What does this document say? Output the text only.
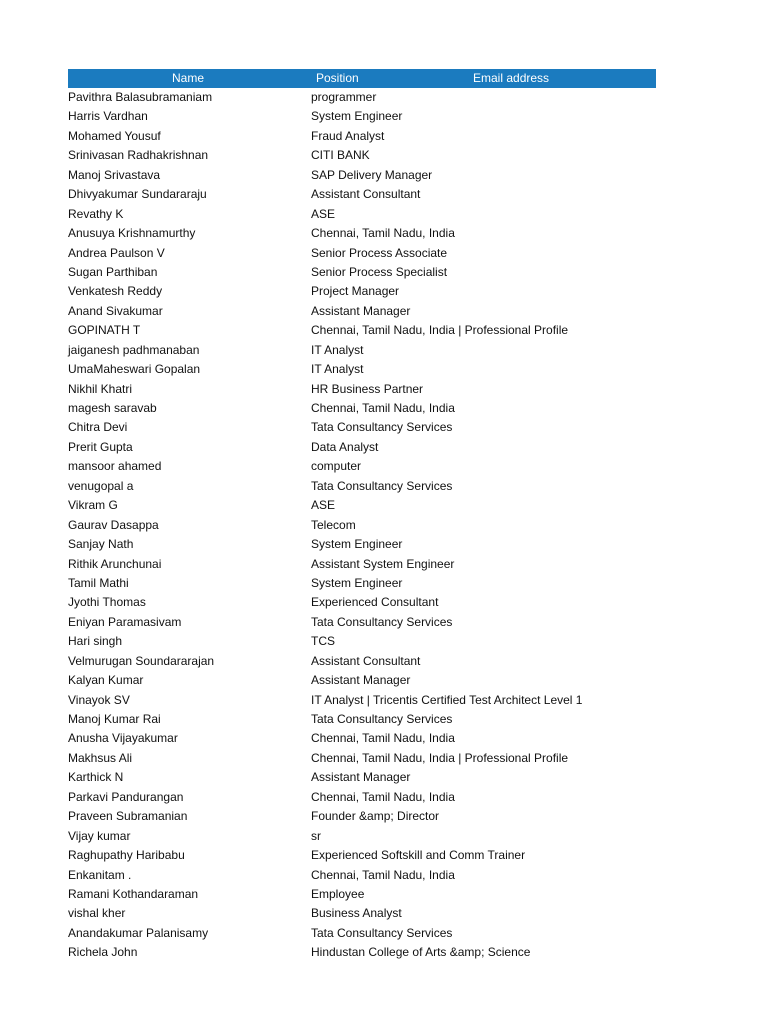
Name	Position	Email address
Pavithra Balasubramaniam	programmer
Harris Vardhan	System Engineer
Mohamed Yousuf	Fraud Analyst
Srinivasan Radhakrishnan	CITI BANK
Manoj Srivastava	SAP Delivery Manager
Dhivyakumar Sundararaju	Assistant Consultant
Revathy K	ASE
Anusuya Krishnamurthy	Chennai, Tamil Nadu, India
Andrea Paulson V	Senior Process Associate
Sugan Parthiban	Senior Process Specialist
Venkatesh Reddy	Project Manager
Anand Sivakumar	Assistant Manager
GOPINATH T	Chennai, Tamil Nadu, India | Professional Profile
jaiganesh padhmanaban	IT Analyst
UmaMaheswari Gopalan	IT Analyst
Nikhil Khatri	HR Business Partner
magesh saravab	Chennai, Tamil Nadu, India
Chitra Devi	Tata Consultancy Services
Prerit Gupta	Data Analyst
mansoor ahamed	computer
venugopal a	Tata Consultancy Services
Vikram G	ASE
Gaurav Dasappa	Telecom
Sanjay Nath	System Engineer
Rithik Arunchunai	Assistant System Engineer
Tamil Mathi	System Engineer
Jyothi Thomas	Experienced Consultant
Eniyan Paramasivam	Tata Consultancy Services
Hari singh	TCS
Velmurugan Soundararajan	Assistant Consultant
Kalyan Kumar	Assistant Manager
Vinayok SV	IT Analyst | Tricentis Certified Test Architect Level 1
Manoj Kumar Rai	Tata Consultancy Services
Anusha Vijayakumar	Chennai, Tamil Nadu, India
Makhsus Ali	Chennai, Tamil Nadu, India | Professional Profile
Karthick N	Assistant Manager
Parkavi Pandurangan	Chennai, Tamil Nadu, India
Praveen Subramanian	Founder &amp; Director
Vijay kumar	sr
Raghupathy Haribabu	Experienced Softskill and Comm Trainer
Enkanitam .	Chennai, Tamil Nadu, India
Ramani Kothandaraman	Employee
vishal kher	Business Analyst
Anandakumar Palanisamy	Tata Consultancy Services
Richela John	Hindustan College of Arts &amp; Science
